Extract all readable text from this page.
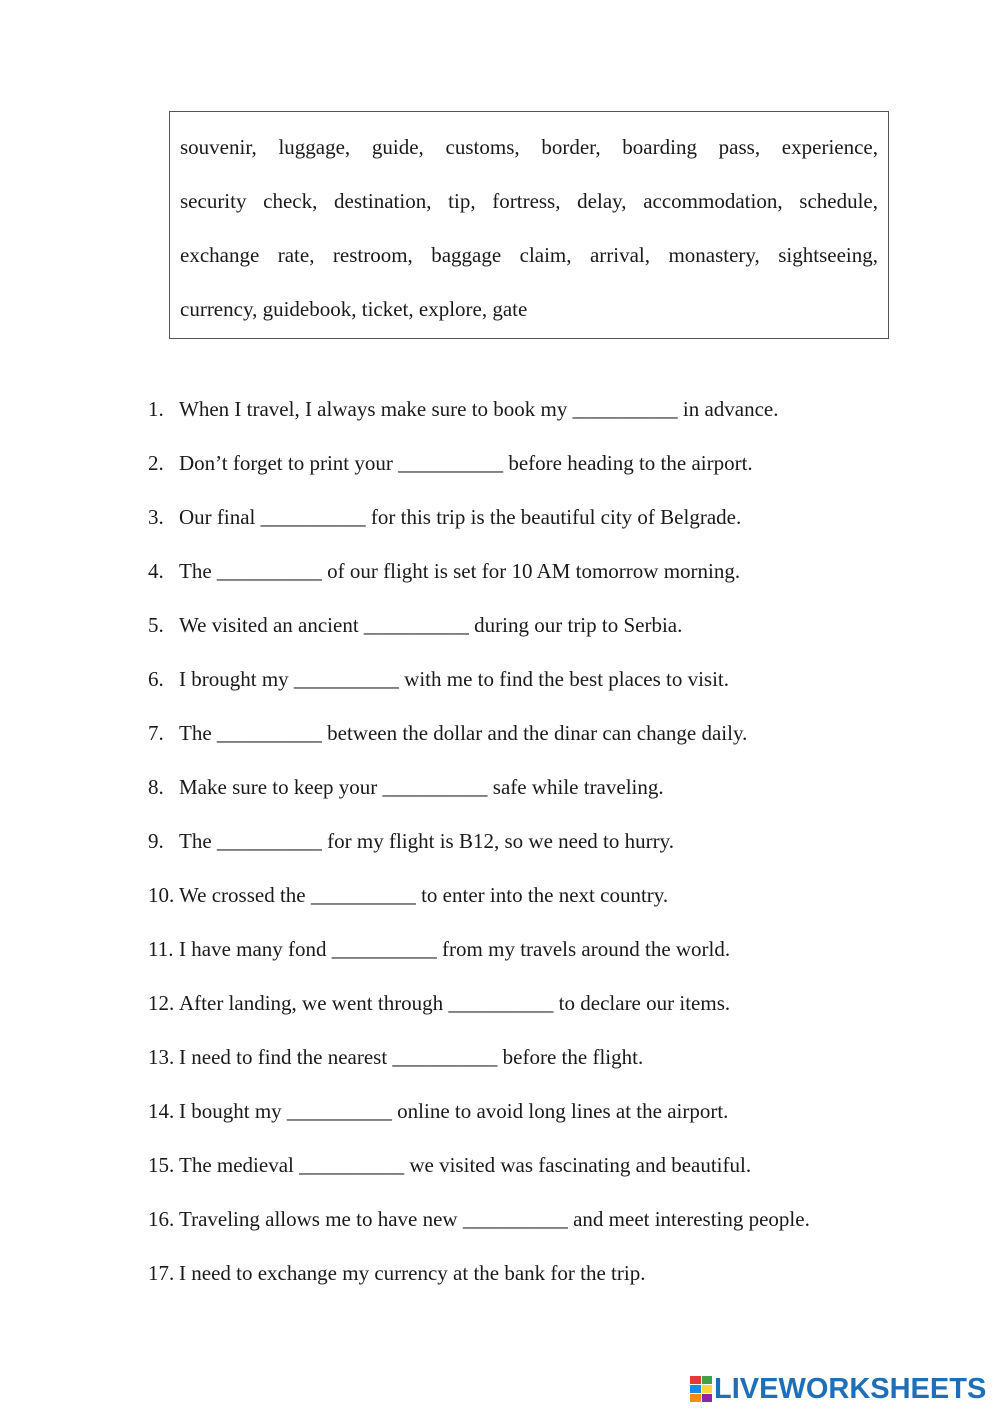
souvenir, luggage, guide, customs, border, boarding pass, experience,
security check, destination, tip, fortress, delay, accommodation, schedule,
exchange rate, restroom, baggage claim, arrival, monastery, sightseeing,
currency, guidebook, ticket, explore, gate
1. When I travel, I always make sure to book my __________ in advance.
2. Don’t forget to print your __________ before heading to the airport.
3. Our final __________ for this trip is the beautiful city of Belgrade.
4. The __________ of our flight is set for 10 AM tomorrow morning.
5. We visited an ancient __________ during our trip to Serbia.
6. I brought my __________ with me to find the best places to visit.
7. The __________ between the dollar and the dinar can change daily.
8. Make sure to keep your __________ safe while traveling.
9. The __________ for my flight is B12, so we need to hurry.
10. We crossed the __________ to enter into the next country.
11. I have many fond __________ from my travels around the world.
12. After landing, we went through __________ to declare our items.
13. I need to find the nearest __________ before the flight.
14. I bought my __________ online to avoid long lines at the airport.
15. The medieval __________ we visited was fascinating and beautiful.
16. Traveling allows me to have new __________ and meet interesting people.
17. I need to exchange my currency at the bank for the trip.
LIVEWORKSHEETS
